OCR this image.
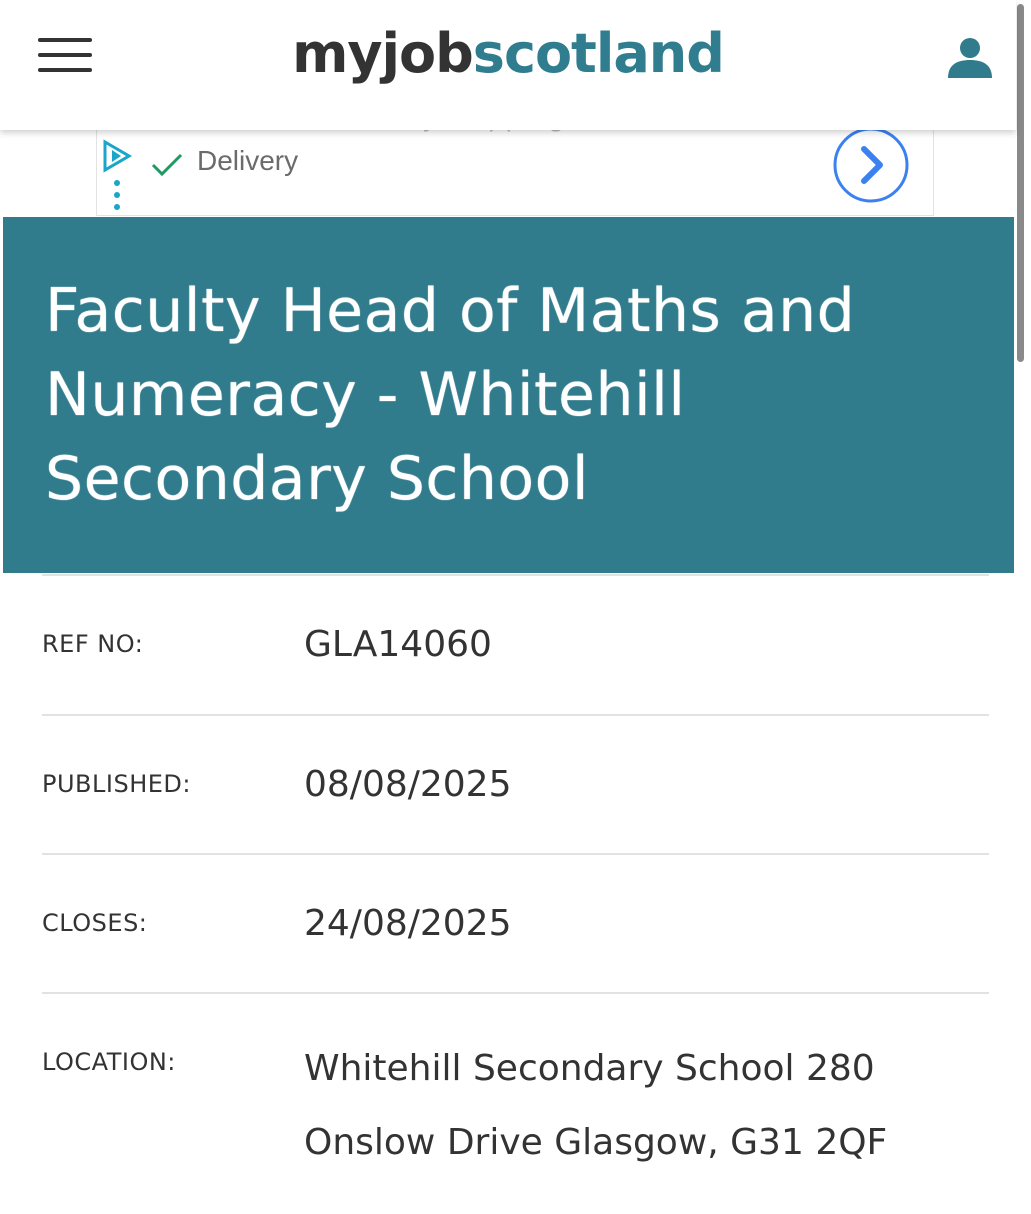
myjobscotland
Delivery
Faculty Head of Maths and Numeracy - Whitehill Secondary School
REF NO:	GLA14060
PUBLISHED:	08/08/2025
CLOSES:	24/08/2025
LOCATION:	Whitehill Secondary School 280 Onslow Drive Glasgow, G31 2QF
